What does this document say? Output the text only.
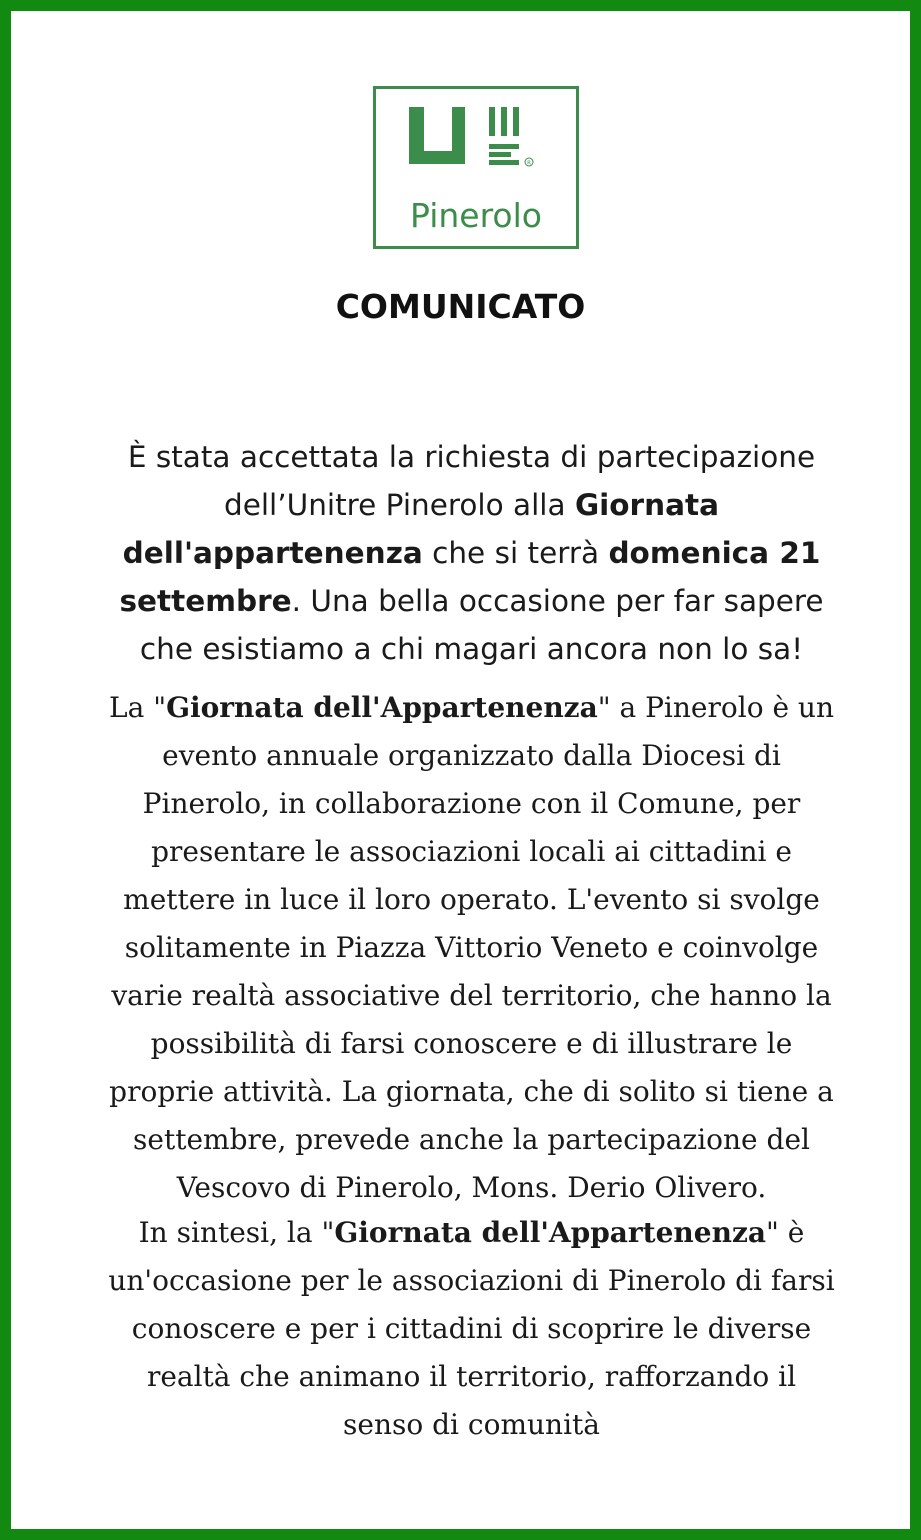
R
Pinerolo
COMUNICATO
È stata accettata la richiesta di partecipazione
dell’Unitre Pinerolo alla Giornata
dell'appartenenza che si terrà domenica 21
settembre. Una bella occasione per far sapere
che esistiamo a chi magari ancora non lo sa!
La "Giornata dell'Appartenenza" a Pinerolo è un
evento annuale organizzato dalla Diocesi di
Pinerolo, in collaborazione con il Comune, per
presentare le associazioni locali ai cittadini e
mettere in luce il loro operato. L'evento si svolge
solitamente in Piazza Vittorio Veneto e coinvolge
varie realtà associative del territorio, che hanno la
possibilità di farsi conoscere e di illustrare le
proprie attività. La giornata, che di solito si tiene a
settembre, prevede anche la partecipazione del
Vescovo di Pinerolo, Mons. Derio Olivero.
In sintesi, la "Giornata dell'Appartenenza" è
un'occasione per le associazioni di Pinerolo di farsi
conoscere e per i cittadini di scoprire le diverse
realtà che animano il territorio, rafforzando il
senso di comunità
